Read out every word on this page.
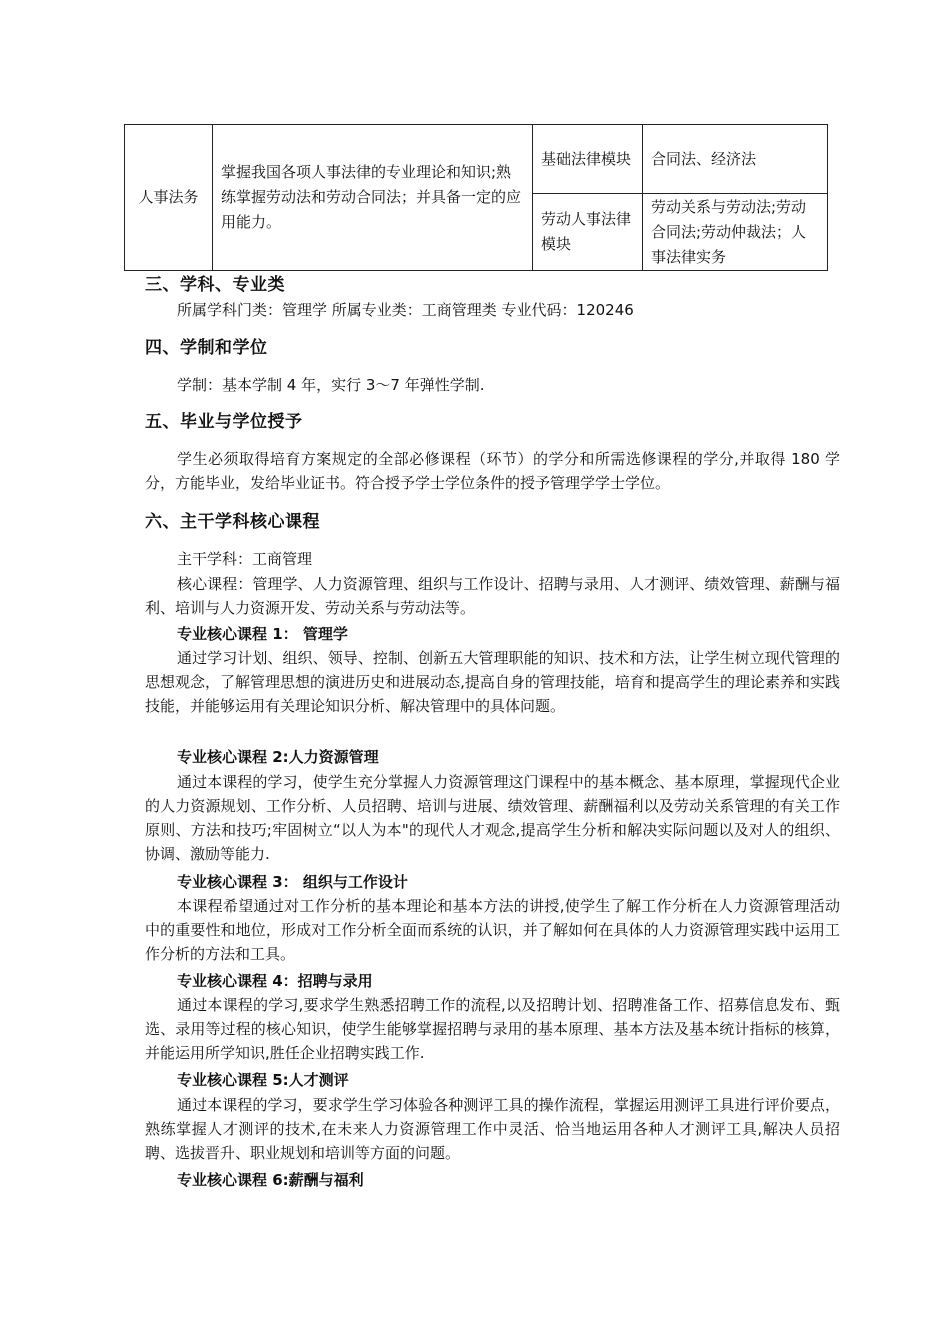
人事法务	掌握我国各项人事法律的专业理论和知识;熟练掌握劳动法和劳动合同法；并具备一定的应用能力。	基础法律模块	合同法、经济法
		劳动人事法律模块	劳动关系与劳动法;劳动合同法;劳动仲裁法；人事法律实务
三、学科、专业类

所属学科门类：管理学 所属专业类：工商管理类 专业代码：120246

四、学制和学位

学制：基本学制 4 年，实行 3～7 年弹性学制.

五、毕业与学位授予

学生必须取得培育方案规定的全部必修课程（环节）的学分和所需选修课程的学分,并取得 180 学分，方能毕业，发给毕业证书。符合授予学士学位条件的授予管理学学士学位。

六、主干学科核心课程

主干学科：工商管理

核心课程：管理学、人力资源管理、组织与工作设计、招聘与录用、人才测评、绩效管理、薪酬与福利、培训与人力资源开发、劳动关系与劳动法等。

专业核心课程 1： 管理学

通过学习计划、组织、领导、控制、创新五大管理职能的知识、技术和方法，让学生树立现代管理的思想观念，了解管理思想的演进历史和进展动态,提高自身的管理技能，培育和提高学生的理论素养和实践技能，并能够运用有关理论知识分析、解决管理中的具体问题。

专业核心课程 2:人力资源管理

通过本课程的学习，使学生充分掌握人力资源管理这门课程中的基本概念、基本原理，掌握现代企业的人力资源规划、工作分析、人员招聘、培训与进展、绩效管理、薪酬福利以及劳动关系管理的有关工作原则、方法和技巧;牢固树立“以人为本"的现代人才观念,提高学生分析和解决实际问题以及对人的组织、协调、激励等能力.

专业核心课程 3： 组织与工作设计

本课程希望通过对工作分析的基本理论和基本方法的讲授,使学生了解工作分析在人力资源管理活动中的重要性和地位，形成对工作分析全面而系统的认识，并了解如何在具体的人力资源管理实践中运用工作分析的方法和工具。

专业核心课程 4：招聘与录用

通过本课程的学习,要求学生熟悉招聘工作的流程,以及招聘计划、招聘准备工作、招募信息发布、甄选、录用等过程的核心知识，使学生能够掌握招聘与录用的基本原理、基本方法及基本统计指标的核算，并能运用所学知识,胜任企业招聘实践工作.

专业核心课程 5:人才测评

通过本课程的学习，要求学生学习体验各种测评工具的操作流程，掌握运用测评工具进行评价要点，熟练掌握人才测评的技术,在未来人力资源管理工作中灵活、恰当地运用各种人才测评工具,解决人员招聘、选拔晋升、职业规划和培训等方面的问题。

专业核心课程 6:薪酬与福利
